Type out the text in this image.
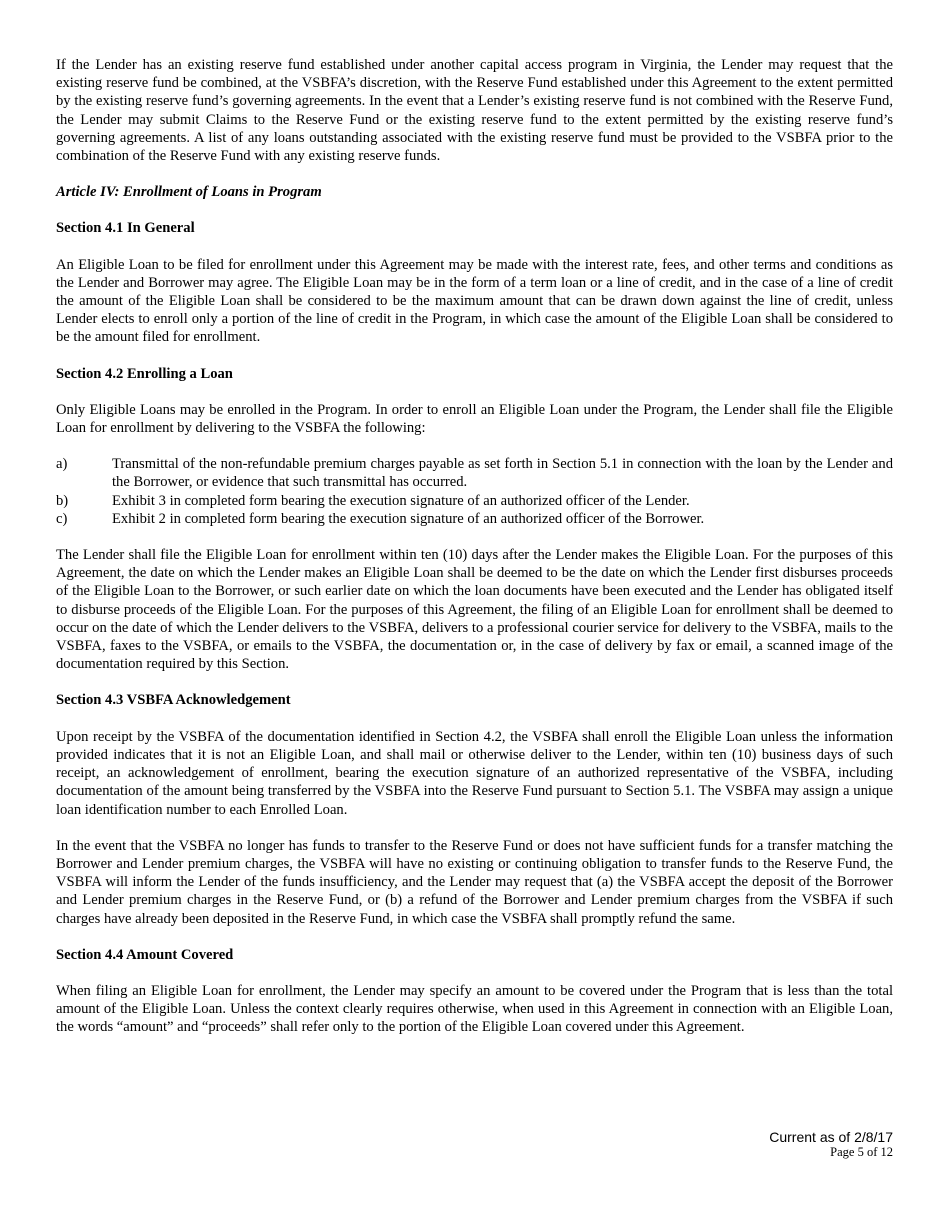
If the Lender has an existing reserve fund established under another capital access program in Virginia, the Lender may request that the existing reserve fund be combined, at the VSBFA’s discretion, with the Reserve Fund established under this Agreement to the extent permitted by the existing reserve fund’s governing agreements. In the event that a Lender’s existing reserve fund is not combined with the Reserve Fund, the Lender may submit Claims to the Reserve Fund or the existing reserve fund to the extent permitted by the existing reserve fund’s governing agreements. A list of any loans outstanding associated with the existing reserve fund must be provided to the VSBFA prior to the combination of the Reserve Fund with any existing reserve funds.

Article IV: Enrollment of Loans in Program
Section 4.1 In General

An Eligible Loan to be filed for enrollment under this Agreement may be made with the interest rate, fees, and other terms and conditions as the Lender and Borrower may agree. The Eligible Loan may be in the form of a term loan or a line of credit, and in the case of a line of credit the amount of the Eligible Loan shall be considered to be the maximum amount that can be drawn down against the line of credit, unless Lender elects to enroll only a portion of the line of credit in the Program, in which case the amount of the Eligible Loan shall be considered to be the amount filed for enrollment.

Section 4.2 Enrolling a Loan

Only Eligible Loans may be enrolled in the Program. In order to enroll an Eligible Loan under the Program, the Lender shall file the Eligible Loan for enrollment by delivering to the VSBFA the following:

a)	Transmittal of the non-refundable premium charges payable as set forth in Section 5.1 in connection with the loan by the Lender and the Borrower, or evidence that such transmittal has occurred.
b)	Exhibit 3 in completed form bearing the execution signature of an authorized officer of the Lender.
c)	Exhibit 2 in completed form bearing the execution signature of an authorized officer of the Borrower.

The Lender shall file the Eligible Loan for enrollment within ten (10) days after the Lender makes the Eligible Loan. For the purposes of this Agreement, the date on which the Lender makes an Eligible Loan shall be deemed to be the date on which the Lender first disburses proceeds of the Eligible Loan to the Borrower, or such earlier date on which the loan documents have been executed and the Lender has obligated itself to disburse proceeds of the Eligible Loan. For the purposes of this Agreement, the filing of an Eligible Loan for enrollment shall be deemed to occur on the date of which the Lender delivers to the VSBFA, delivers to a professional courier service for delivery to the VSBFA, mails to the VSBFA, faxes to the VSBFA, or emails to the VSBFA, the documentation or, in the case of delivery by fax or email, a scanned image of the documentation required by this Section.

Section 4.3 VSBFA Acknowledgement

Upon receipt by the VSBFA of the documentation identified in Section 4.2, the VSBFA shall enroll the Eligible Loan unless the information provided indicates that it is not an Eligible Loan, and shall mail or otherwise deliver to the Lender, within ten (10) business days of such receipt, an acknowledgement of enrollment, bearing the execution signature of an authorized representative of the VSBFA, including documentation of the amount being transferred by the VSBFA into the Reserve Fund pursuant to Section 5.1. The VSBFA may assign a unique loan identification number to each Enrolled Loan.

In the event that the VSBFA no longer has funds to transfer to the Reserve Fund or does not have sufficient funds for a transfer matching the Borrower and Lender premium charges, the VSBFA will have no existing or continuing obligation to transfer funds to the Reserve Fund, the VSBFA will inform the Lender of the funds insufficiency, and the Lender may request that (a) the VSBFA accept the deposit of the Borrower and Lender premium charges in the Reserve Fund, or (b) a refund of the Borrower and Lender premium charges from the VSBFA if such charges have already been deposited in the Reserve Fund, in which case the VSBFA shall promptly refund the same.

Section 4.4 Amount Covered

When filing an Eligible Loan for enrollment, the Lender may specify an amount to be covered under the Program that is less than the total amount of the Eligible Loan. Unless the context clearly requires otherwise, when used in this Agreement in connection with an Eligible Loan, the words “amount” and “proceeds” shall refer only to the portion of the Eligible Loan covered under this Agreement.

Current as of 2/8/17
Page 5 of 12
